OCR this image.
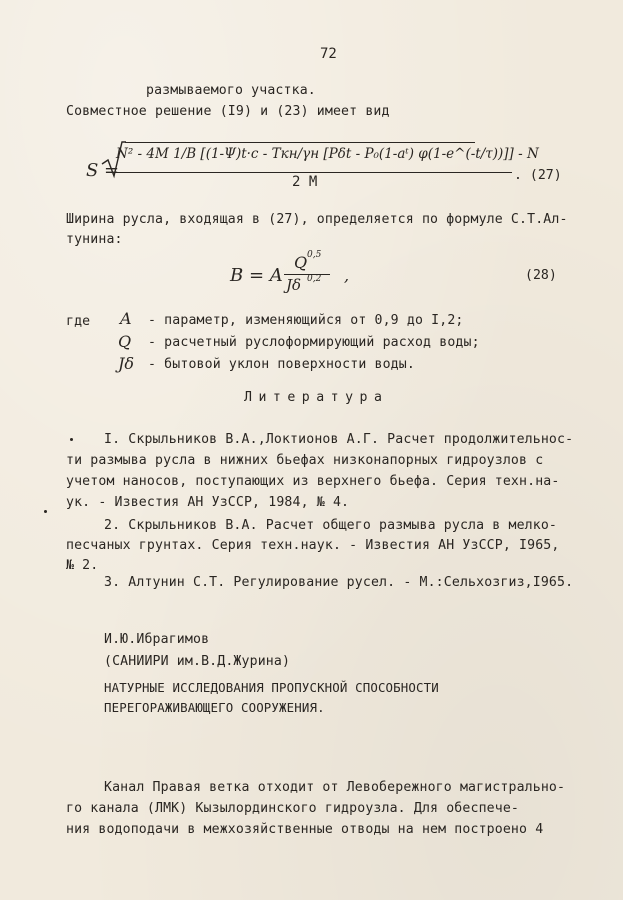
72
размываемого участка.
Совместное решение (I9) и (23) имеет вид
S =
N² - 4M 1/B [(1-Ψ)t·c - Tкн/γн [Pδt - P₀(1-aᵗ) φ(1-e^(-t/τ))]] - N
2 M	. (27)
Ширина русла, входящая в (27), определяется по формуле С.Т.Ал-
тунина:
B = A
Q 0,5
Jδ 0,2 ,	(28)
где A - параметр, изменяющийся от 0,9 до I,2;
Q - расчетный руслоформирующий расход воды;
Jδ - бытовой уклон поверхности воды.
Литература
I. Скрыльников В.А.,Локтионов А.Г. Расчет продолжительнос-
ти размыва русла в нижних бьефах низконапорных гидроузлов с
учетом наносов, поступающих из верхнего бьефа. Серия техн.на-
ук. - Известия АН УзССР, 1984, № 4.
2. Скрыльников В.А. Расчет общего размыва русла в мелко-
песчаных грунтах. Серия техн.наук. - Известия АН УзССР, I965,
№ 2.
3. Алтунин С.Т. Регулирование русел. - М.:Сельхозгиз,I965.
И.Ю.Ибрагимов
(САНИИРИ им.В.Д.Журина)
НАТУРНЫЕ ИССЛЕДОВАНИЯ ПРОПУСКНОЙ СПОСОБНОСТИ
ПЕРЕГОРАЖИВАЮЩЕГО СООРУЖЕНИЯ.
Канал Правая ветка отходит от Левобережного магистрально-
го канала (ЛМК) Кызылординского гидроузла. Для обеспече-
ния водоподачи в межхозяйственные отводы на нем построено 4
